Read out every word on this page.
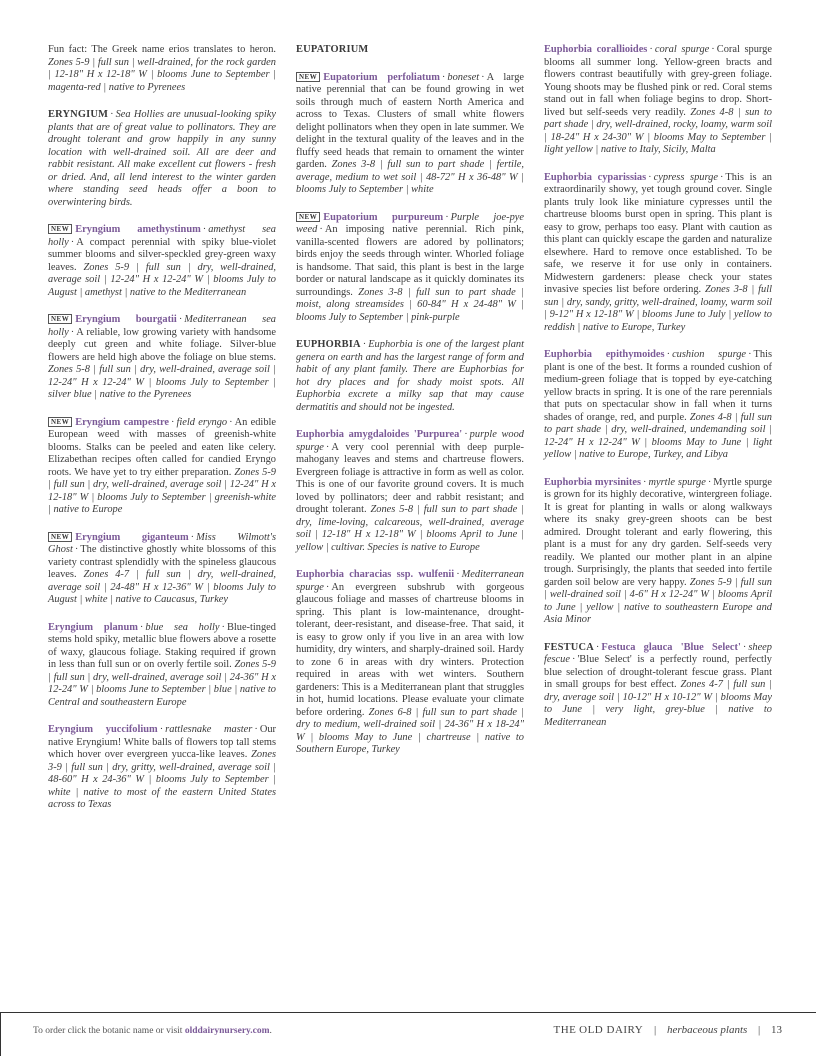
Fun fact: The Greek name erios translates to heron. Zones 5-9 | full sun | well-drained, for the rock garden | 12-18" H x 12-18" W | blooms June to September | magenta-red | native to Pyrenees

ERYNGIUM · Sea Hollies are unusual-looking spiky plants that are of great value to pollinators. They are drought tolerant and grow happily in any sunny location with well-drained soil. All are deer and rabbit resistant. All make excellent cut flowers - fresh or dried. And, all lend interest to the winter garden where standing seed heads offer a boon to overwintering birds.

NEWEryngium amethystinum · amethyst sea holly · A compact perennial with spiky blue-violet summer blooms and silver-speckled grey-green waxy leaves. Zones 5-9 | full sun | dry, well-drained, average soil | 12-24" H x 12-24" W | blooms July to August | amethyst | native to the Mediterranean

NEWEryngium bourgatii · Mediterranean sea holly · A reliable, low growing variety with handsome deeply cut green and white foliage. Silver-blue flowers are held high above the foliage on blue stems. Zones 5-8 | full sun | dry, well-drained, average soil | 12-24" H x 12-24" W | blooms July to September | silver blue | native to the Pyrenees

NEWEryngium campestre · field eryngo · An edible European weed with masses of greenish-white blooms. Stalks can be peeled and eaten like celery. Elizabethan recipes often called for candied Eryngo roots. We have yet to try either preparation. Zones 5-9 | full sun | dry, well-drained, average soil | 12-24" H x 12-18" W | blooms July to September | greenish-white | native to Europe

NEWEryngium giganteum · Miss Wilmott's Ghost · The distinctive ghostly white blossoms of this variety contrast splendidly with the spineless glaucous leaves. Zones 4-7 | full sun | dry, well-drained, average soil | 24-48" H x 12-36" W | blooms July to August | white | native to Caucasus, Turkey

Eryngium planum · blue sea holly · Blue-tinged stems hold spiky, metallic blue flowers above a rosette of waxy, glaucous foliage. Staking required if grown in less than full sun or on overly fertile soil. Zones 5-9 | full sun | dry, well-drained, average soil | 24-36" H x 12-24" W | blooms June to September | blue | native to Central and southeastern Europe

Eryngium yuccifolium · rattlesnake master · Our native Eryngium! White balls of flowers top tall stems which hover over evergreen yucca-like leaves. Zones 3-9 | full sun | dry, gritty, well-drained, average soil | 48-60" H x 24-36" W | blooms July to September | white | native to most of the eastern United States across to Texas

EUPATORIUM

NEWEupatorium perfoliatum · boneset · A large native perennial that can be found growing in wet soils through much of eastern North America and across to Texas. Clusters of small white flowers delight pollinators when they open in late summer. We delight in the textural quality of the leaves and in the fluffy seed heads that remain to ornament the winter garden. Zones 3-8 | full sun to part shade | fertile, average, medium to wet soil | 48-72" H x 36-48" W | blooms July to September | white

NEWEupatorium purpureum · Purple joe-pye weed · An imposing native perennial. Rich pink, vanilla-scented flowers are adored by pollinators; birds enjoy the seeds through winter. Whorled foliage is handsome. That said, this plant is best in the large border or natural landscape as it quickly dominates its surroundings. Zones 3-8 | full sun to part shade | moist, along streamsides | 60-84" H x 24-48" W | blooms July to September | pink-purple

EUPHORBIA · Euphorbia is one of the largest plant genera on earth and has the largest range of form and habit of any plant family. There are Euphorbias for hot dry places and for shady moist spots. All Euphorbia excrete a milky sap that may cause dermatitis and should not be ingested.

Euphorbia amygdaloides 'Purpurea' · purple wood spurge · A very cool perennial with deep purple-mahogany leaves and stems and chartreuse flowers. Evergreen foliage is attractive in form as well as color. This is one of our favorite ground covers. It is much loved by pollinators; deer and rabbit resistant; and drought tolerant. Zones 5-8 | full sun to part shade | dry, lime-loving, calcareous, well-drained, average soil | 12-18" H x 12-18" W | blooms April to June | yellow | cultivar. Species is native to Europe

Euphorbia characias ssp. wulfenii · Mediterranean spurge · An evergreen subshrub with gorgeous glaucous foliage and masses of chartreuse blooms in spring. This plant is low-maintenance, drought-tolerant, deer-resistant, and disease-free. That said, it is easy to grow only if you live in an area with low humidity, dry winters, and sharply-drained soil. Hardy to zone 6 in areas with dry winters. Protection required in areas with wet winters. Southern gardeners: This is a Mediterranean plant that struggles in hot, humid locations. Please evaluate your climate before ordering. Zones 6-8 | full sun to part shade | dry to medium, well-drained soil | 24-36" H x 18-24" W | blooms May to June | chartreuse | native to Southern Europe, Turkey

Euphorbia corallioides · coral spurge · Coral spurge blooms all summer long. Yellow-green bracts and flowers contrast beautifully with grey-green foliage. Young shoots may be flushed pink or red. Coral stems stand out in fall when foliage begins to drop. Short-lived but self-seeds very readily. Zones 4-8 | sun to part shade | dry, well-drained, rocky, loamy, warm soil | 18-24" H x 24-30" W | blooms May to September | light yellow | native to Italy, Sicily, Malta

Euphorbia cyparissias · cypress spurge · This is an extraordinarily showy, yet tough ground cover. Single plants truly look like miniature cypresses until the chartreuse blooms burst open in spring. This plant is easy to grow, perhaps too easy. Plant with caution as this plant can quickly escape the garden and naturalize elsewhere. Hard to remove once established. To be safe, we reserve it for use only in containers. Midwestern gardeners: please check your states invasive species list before ordering. Zones 3-8 | full sun | dry, sandy, gritty, well-drained, loamy, warm soil | 9-12" H x 12-18" W | blooms June to July | yellow to reddish | native to Europe, Turkey

Euphorbia epithymoides · cushion spurge · This plant is one of the best. It forms a rounded cushion of medium-green foliage that is topped by eye-catching yellow bracts in spring. It is one of the rare perennials that puts on spectacular show in fall when it turns shades of orange, red, and purple. Zones 4-8 | full sun to part shade | dry, well-drained, undemanding soil | 12-24" H x 12-24" W | blooms May to June | light yellow | native to Europe, Turkey, and Libya

Euphorbia myrsinites · myrtle spurge · Myrtle spurge is grown for its highly decorative, wintergreen foliage. It is great for planting in walls or along walkways where its snaky grey-green shoots can be best admired. Drought tolerant and early flowering, this plant is a must for any dry garden. Self-seeds very readily. We planted our mother plant in an alpine trough. Surprisingly, the plants that seeded into fertile garden soil below are very happy. Zones 5-9 | full sun | well-drained soil | 4-6" H x 12-24" W | blooms April to June | yellow | native to southeastern Europe and Asia Minor

FESTUCA · Festuca glauca 'Blue Select' · sheep fescue · 'Blue Select' is a perfectly round, perfectly blue selection of drought-tolerant fescue grass. Plant in small groups for best effect. Zones 4-7 | full sun | dry, average soil | 10-12" H x 10-12" W | blooms May to June | very light, grey-blue | native to Mediterranean

To order click the botanic name or visit olddairynursery.com.	THE OLD DAIRY | herbaceous plants | 13
